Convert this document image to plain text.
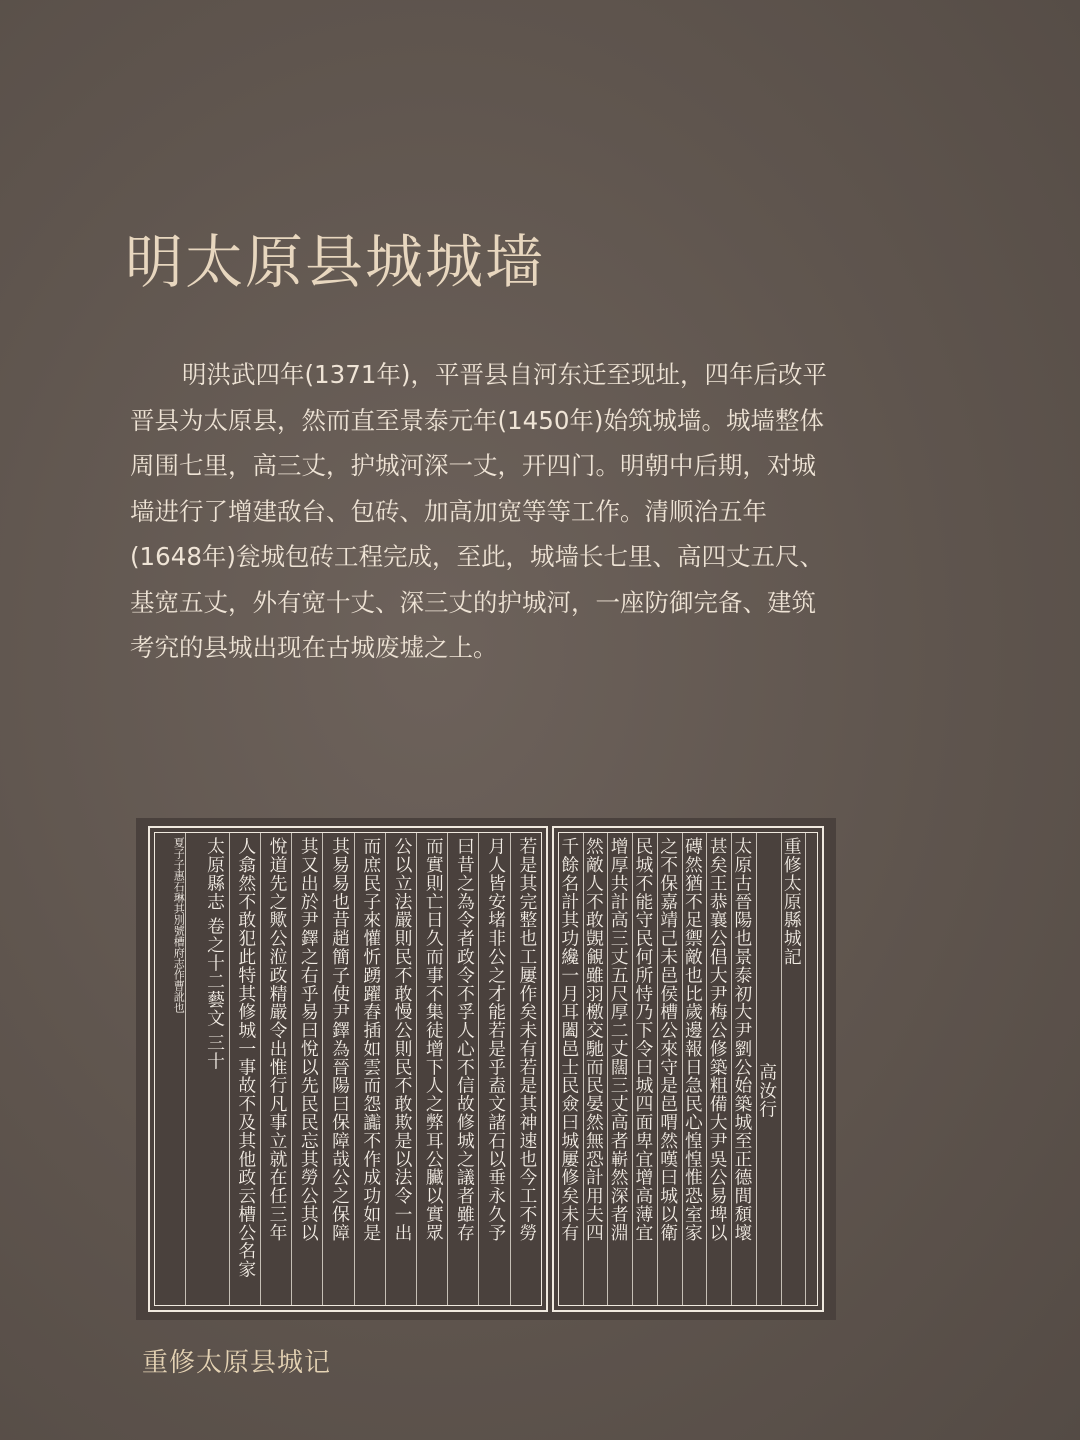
明太原县城城墙
明洪武四年(1371年)，平晋县自河东迁至现址，四年后改平
晋县为太原县，然而直至景泰元年(1450年)始筑城墙。城墙整体
周围七里，高三丈，护城河深一丈，开四门。明朝中后期，对城
墙进行了增建敌台、包砖、加高加宽等等工作。清顺治五年
(1648年)瓮城包砖工程完成，至此，城墙长七里、高四丈五尺、
基宽五丈，外有宽十丈、深三丈的护城河，一座防御完备、建筑
考究的县城出现在古城废墟之上。
若是其完整也工屢作矣未有若是其神速也今工不勞
月人皆安堵非公之才能若是乎盍文諸石以垂永久予
曰昔之為令者政令不孚人心不信故修城之議者雖存
而實則亡日久而事不集徒增下人之弊耳公臟以實眾
公以立法嚴則民不敢慢公則民不敢欺是以法令一出
而庶民子來懽忻踴躍舂插如雲而怨讟不作成功如是
其易易也昔趙簡子使尹鐸為晉陽曰保障哉公之保障
其又出於尹鐸之右乎易曰悅以先民民忘其勞公其以
悅道先之歟公涖政精嚴令出惟行凡事立就在任三年
人翕然不敢犯此特其修城一事故不及其他政云槽公名家
太原縣志 卷之十二藝文 三十
夏子子惠石琳其別號槽府志作曹訛也	重修太原縣城記
高汝行
太原古晉陽也景泰初大尹劉公始築城至正德間頹壞
甚矣王恭襄公倡大尹梅公修築粗備大尹吳公易埤以
磚然猶不足禦敵也比歲邊報日急民心惶惶惟恐室家
之不保嘉靖己未邑侯槽公來守是邑喟然嘆曰城以衛
民城不能守民何所恃乃下令曰城四面卑宜增高薄宜
增厚共計高三丈五尺厚二丈闊三丈高者嶄然深者淵
然敵人不敢覬覦雖羽檄交馳而民晏然無恐計用夫四
千餘名計其功纔一月耳闔邑士民僉曰城屢修矣未有
重修太原县城记
